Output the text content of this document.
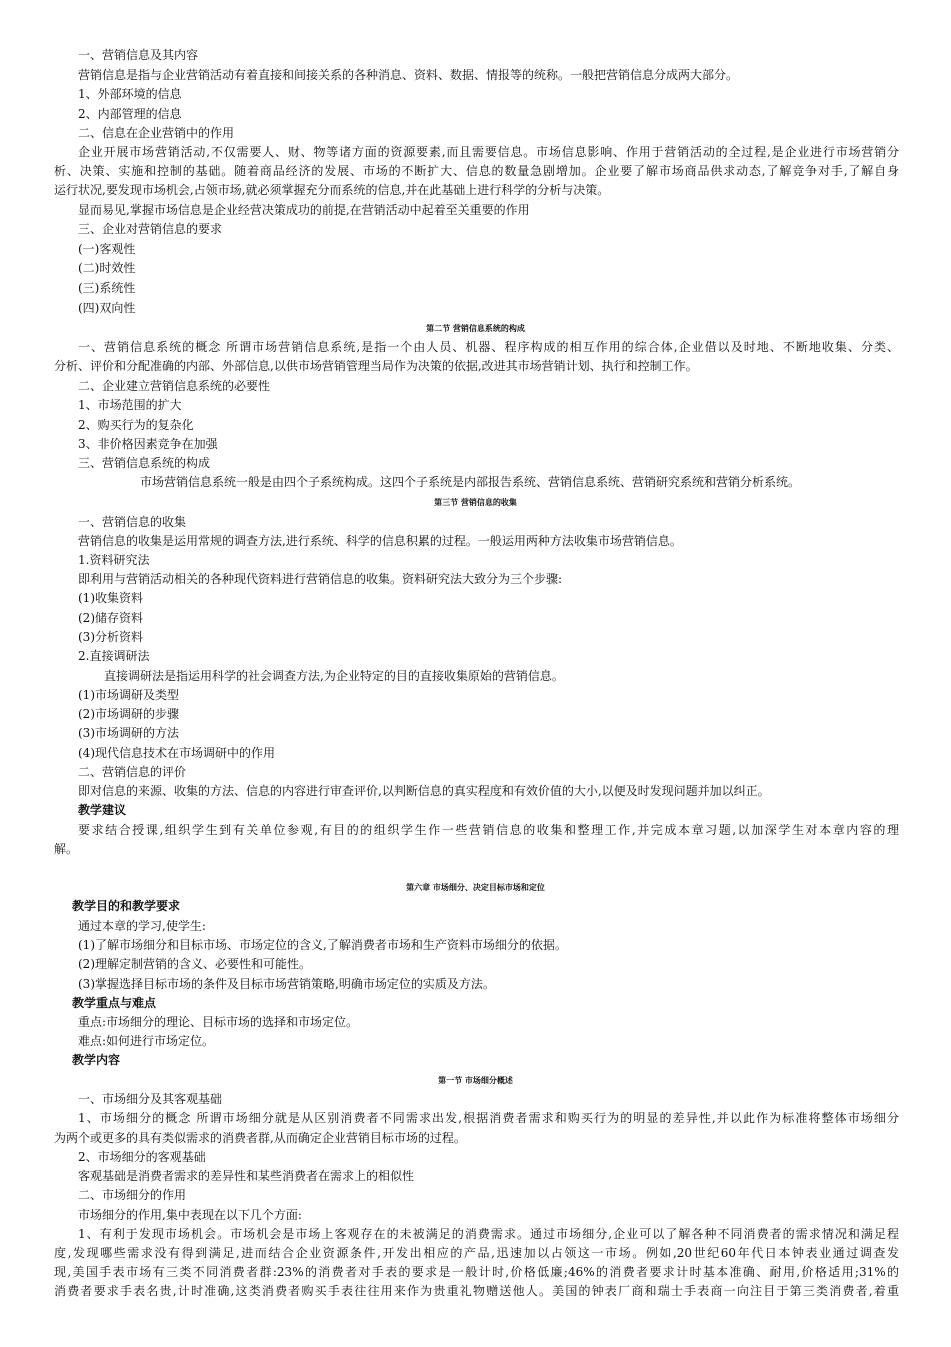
一、营销信息及其内容
营销信息是指与企业营销活动有着直接和间接关系的各种消息、资料、数据、情报等的统称。一般把营销信息分成两大部分。
1、外部环境的信息
2、内部管理的信息
二、信息在企业营销中的作用
企业开展市场营销活动,不仅需要人、财、物等诸方面的资源要素,而且需要信息。市场信息影响、作用于营销活动的全过程,是企业进行市场营销分
析、决策、实施和控制的基础。随着商品经济的发展、市场的不断扩大、信息的数量急剧增加。企业要了解市场商品供求动态,了解竞争对手,了解自身
运行状况,要发现市场机会,占领市场,就必须掌握充分而系统的信息,并在此基础上进行科学的分析与决策。
显而易见,掌握市场信息是企业经营决策成功的前提,在营销活动中起着至关重要的作用
三、企业对营销信息的要求
(一)客观性
(二)时效性
(三)系统性
(四)双向性
第二节 营销信息系统的构成
一、营销信息系统的概念 所谓市场营销信息系统,是指一个由人员、机器、程序构成的相互作用的综合体,企业借以及时地、不断地收集、分类、
分析、评价和分配准确的内部、外部信息,以供市场营销管理当局作为决策的依据,改进其市场营销计划、执行和控制工作。
二、企业建立营销信息系统的必要性
1、市场范围的扩大
2、购买行为的复杂化
3、非价格因素竞争在加强
三、营销信息系统的构成
市场营销信息系统一般是由四个子系统构成。这四个子系统是内部报告系统、营销信息系统、营销研究系统和营销分析系统。
第三节 营销信息的收集
一、营销信息的收集
营销信息的收集是运用常规的调查方法,进行系统、科学的信息积累的过程。一般运用两种方法收集市场营销信息。
1.资料研究法
即利用与营销活动相关的各种现代资料进行营销信息的收集。资料研究法大致分为三个步骤:
(1)收集资料
(2)储存资料
(3)分析资料
2.直接调研法
直接调研法是指运用科学的社会调查方法,为企业特定的目的直接收集原始的营销信息。
(1)市场调研及类型
(2)市场调研的步骤
(3)市场调研的方法
(4)现代信息技术在市场调研中的作用
二、营销信息的评价
即对信息的来源、收集的方法、信息的内容进行审查评价,以判断信息的真实程度和有效价值的大小,以便及时发现问题并加以纠正。
教学建议
要求结合授课,组织学生到有关单位参观,有目的的组织学生作一些营销信息的收集和整理工作,并完成本章习题,以加深学生对本章内容的理
解。
第六章 市场细分、决定目标市场和定位
教学目的和教学要求
通过本章的学习,使学生:
(1)了解市场细分和目标市场、市场定位的含义,了解消费者市场和生产资料市场细分的依据。
(2)理解定制营销的含义、必要性和可能性。
(3)掌握选择目标市场的条件及目标市场营销策略,明确市场定位的实质及方法。
教学重点与难点
重点:市场细分的理论、目标市场的选择和市场定位。
难点:如何进行市场定位。
教学内容
第一节 市场细分概述
一、市场细分及其客观基础
1、市场细分的概念 所谓市场细分就是从区别消费者不同需求出发,根据消费者需求和购买行为的明显的差异性,并以此作为标准将整体市场细分
为两个或更多的具有类似需求的消费者群,从而确定企业营销目标市场的过程。
2、市场细分的客观基础
客观基础是消费者需求的差异性和某些消费者在需求上的相似性
二、市场细分的作用
市场细分的作用,集中表现在以下几个方面:
1、有利于发现市场机会。市场机会是市场上客观存在的未被满足的消费需求。通过市场细分,企业可以了解各种不同消费者的需求情况和满足程
度,发现哪些需求没有得到满足,进而结合企业资源条件,开发出相应的产品,迅速加以占领这一市场。例如,20世纪60年代日本钟表业通过调查发
现,美国手表市场有三类不同消费者群:23%的消费者对手表的要求是一般计时,价格低廉;46%的消费者要求计时基本准确、耐用,价格适用;31%的
消费者要求手表名贵,计时准确,这类消费者购买手表往往用来作为贵重礼物赠送他人。美国的钟表厂商和瑞士手表商一向注目于第三类消费者,着重
